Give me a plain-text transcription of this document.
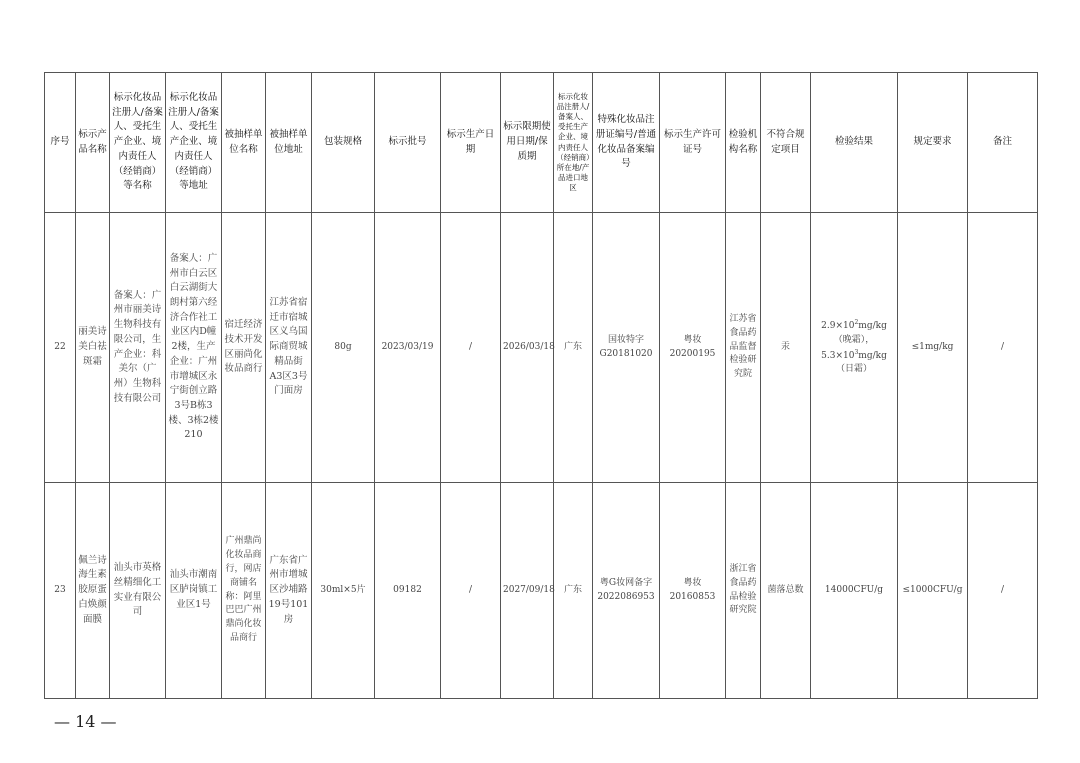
序号	标示产品名称	标示化妆品注册人/备案人、受托生产企业、境内责任人（经销商）等名称	标示化妆品注册人/备案人、受托生产企业、境内责任人（经销商）等地址	被抽样单位名称	被抽样单位地址	包装规格	标示批号	标示生产日期	标示限期使用日期/保质期	标示化妆品注册人/备案人、受托生产企业、境内责任人（经销商）所在地/产品进口地区	特殊化妆品注册证编号/普通化妆品备案编号	标示生产许可证号	检验机构名称	不符合规定项目	检验结果	规定要求	备注
22	丽美诗美白祛斑霜	备案人：广州市丽美诗生物科技有限公司，生产企业：科美尔（广州）生物科技有限公司	备案人：广州市白云区白云湖街大朗村第六经济合作社工业区内D幢2楼，生产企业：广州市增城区永宁街创立路3号B栋3楼、3栋2楼210	宿迁经济技术开发区丽尚化妆品商行	江苏省宿迁市宿城区义乌国际商贸城精品街A3区3号门面房	80g	2023/03/19	/	2026/03/18	广东	国妆特字G20181020	粤妆20200195	江苏省食品药品监督检验研究院	汞	$2.9\times 10^2mg/kg$
（晚霜），
$5.3\times 10^3mg/kg$
（日霜）	≤1mg/kg	/
23	佩兰诗海生素胶原蛋白焕颜面膜	汕头市英格丝精细化工实业有限公司	汕头市潮南区胪岗镇工业区1号	广州鼎尚化妆品商行，网店商铺名称：阿里巴巴广州鼎尚化妆品商行	广东省广州市增城区沙埔路19号101房	30ml×5片	09182	/	2027/09/18	广东	粤G妆网备字2022086953	粤妆20160853	浙江省食品药品检验研究院	菌落总数	14000CFU/g	≤1000CFU/g	/
— 14 —
